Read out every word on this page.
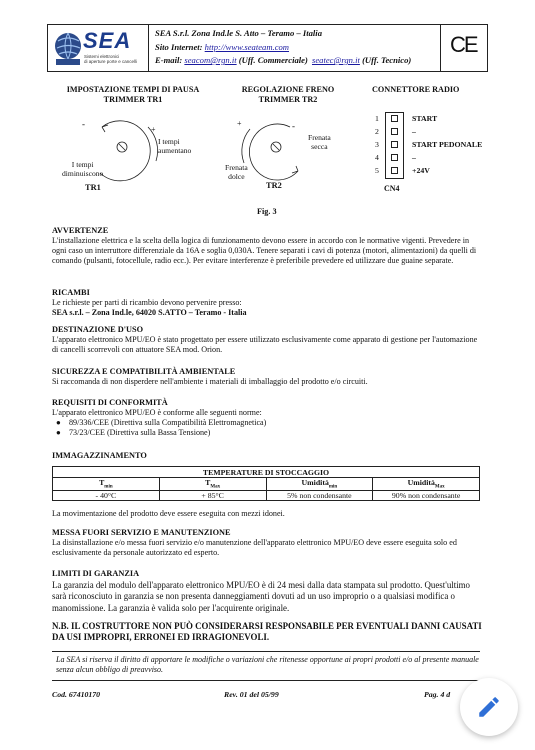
SEA
Sistemi elettronici
di aperture porte e cancelli
SEA S.r.l. Zona Ind.le S. Atto – Teramo – Italia
Sito Internet: http://www.seateam.com
E-mail: seacom@rgn.it (Uff. Commerciale) seatec@rgn.it (Uff. Tecnico)
CE
IMPOSTAZIONE TEMPI DI PAUSA
TRIMMER TR1
-
+
I tempi
aumentano
I tempi
diminuiscono
TR1
REGOLAZIONE FRENO
TRIMMER TR2
+	-
Frenata
secca
Frenata
dolce
TR2
CONNETTORE RADIO
1	START
2	–
3	START PEDONALE
4	–
5	+24V
CN4
Fig. 3
AVVERTENZE
L'installazione elettrica e la scelta della logica di funzionamento devono essere in accordo con le normative vigenti. Prevedere in ogni caso un interruttore differenziale da 16A e soglia 0,030A. Tenere separati i cavi di potenza (motori, alimentazioni) da quelli di comando (pulsanti, fotocellule, radio ecc.). Per evitare interferenze è preferibile prevedere ed utilizzare due guaine separate.
RICAMBI
Le richieste per parti di ricambio devono pervenire presso:
SEA s.r.l. – Zona Ind.le, 64020 S.ATTO – Teramo - Italia
DESTINAZIONE D'USO
L'apparato elettronico MPU/EO è stato progettato per essere utilizzato esclusivamente come apparato di gestione per l'automazione di cancelli scorrevoli con attuatore SEA mod. Orion.
SICUREZZA E COMPATIBILITÀ AMBIENTALE
Si raccomanda di non disperdere nell'ambiente i materiali di imballaggio del prodotto e/o circuiti.
REQUISITI DI CONFORMITÀ
L'apparato elettronico MPU/EO è conforme alle seguenti norme:
● 89/336/CEE (Direttiva sulla Compatibilità Elettromagnetica)
● 73/23/CEE (Direttiva sulla Bassa Tensione)
IMMAGAZZINAMENTO
TEMPERATURE DI STOCCAGGIO			
$T_{min}$	$T_{Max}$	Umidità$_{min}$	Umidità$_{Max}$
- 40°C	+ 85°C	5% non condensante	90% non condensante
La movimentazione del prodotto deve essere eseguita con mezzi idonei.
MESSA FUORI SERVIZIO E MANUTENZIONE
La disinstallazione e/o messa fuori servizio e/o manutenzione dell'apparato elettronico MPU/EO deve essere eseguita solo ed esclusivamente da personale autorizzato ed esperto.
LIMITI DI GARANZIA
La garanzia del modulo dell'apparato elettronico MPU/EO è di 24 mesi dalla data stampata sul prodotto. Quest'ultimo sarà riconosciuto in garanzia se non presenta danneggiamenti dovuti ad un uso improprio o a qualsiasi modifica o manomissione. La garanzia è valida solo per l'acquirente originale.
N.B. IL COSTRUTTORE NON PUÒ CONSIDERARSI RESPONSABILE PER EVENTUALI DANNI CAUSATI DA USI IMPROPRI, ERRONEI ED IRRAGIONEVOLI.
La SEA si riserva il diritto di apportare le modifiche o variazioni che ritenesse opportune ai propri prodotti e/o al presente manuale senza alcun obbligo di preavviso.
Cod. 67410170	Rev. 01 del 05/99	Pag. 4 d
